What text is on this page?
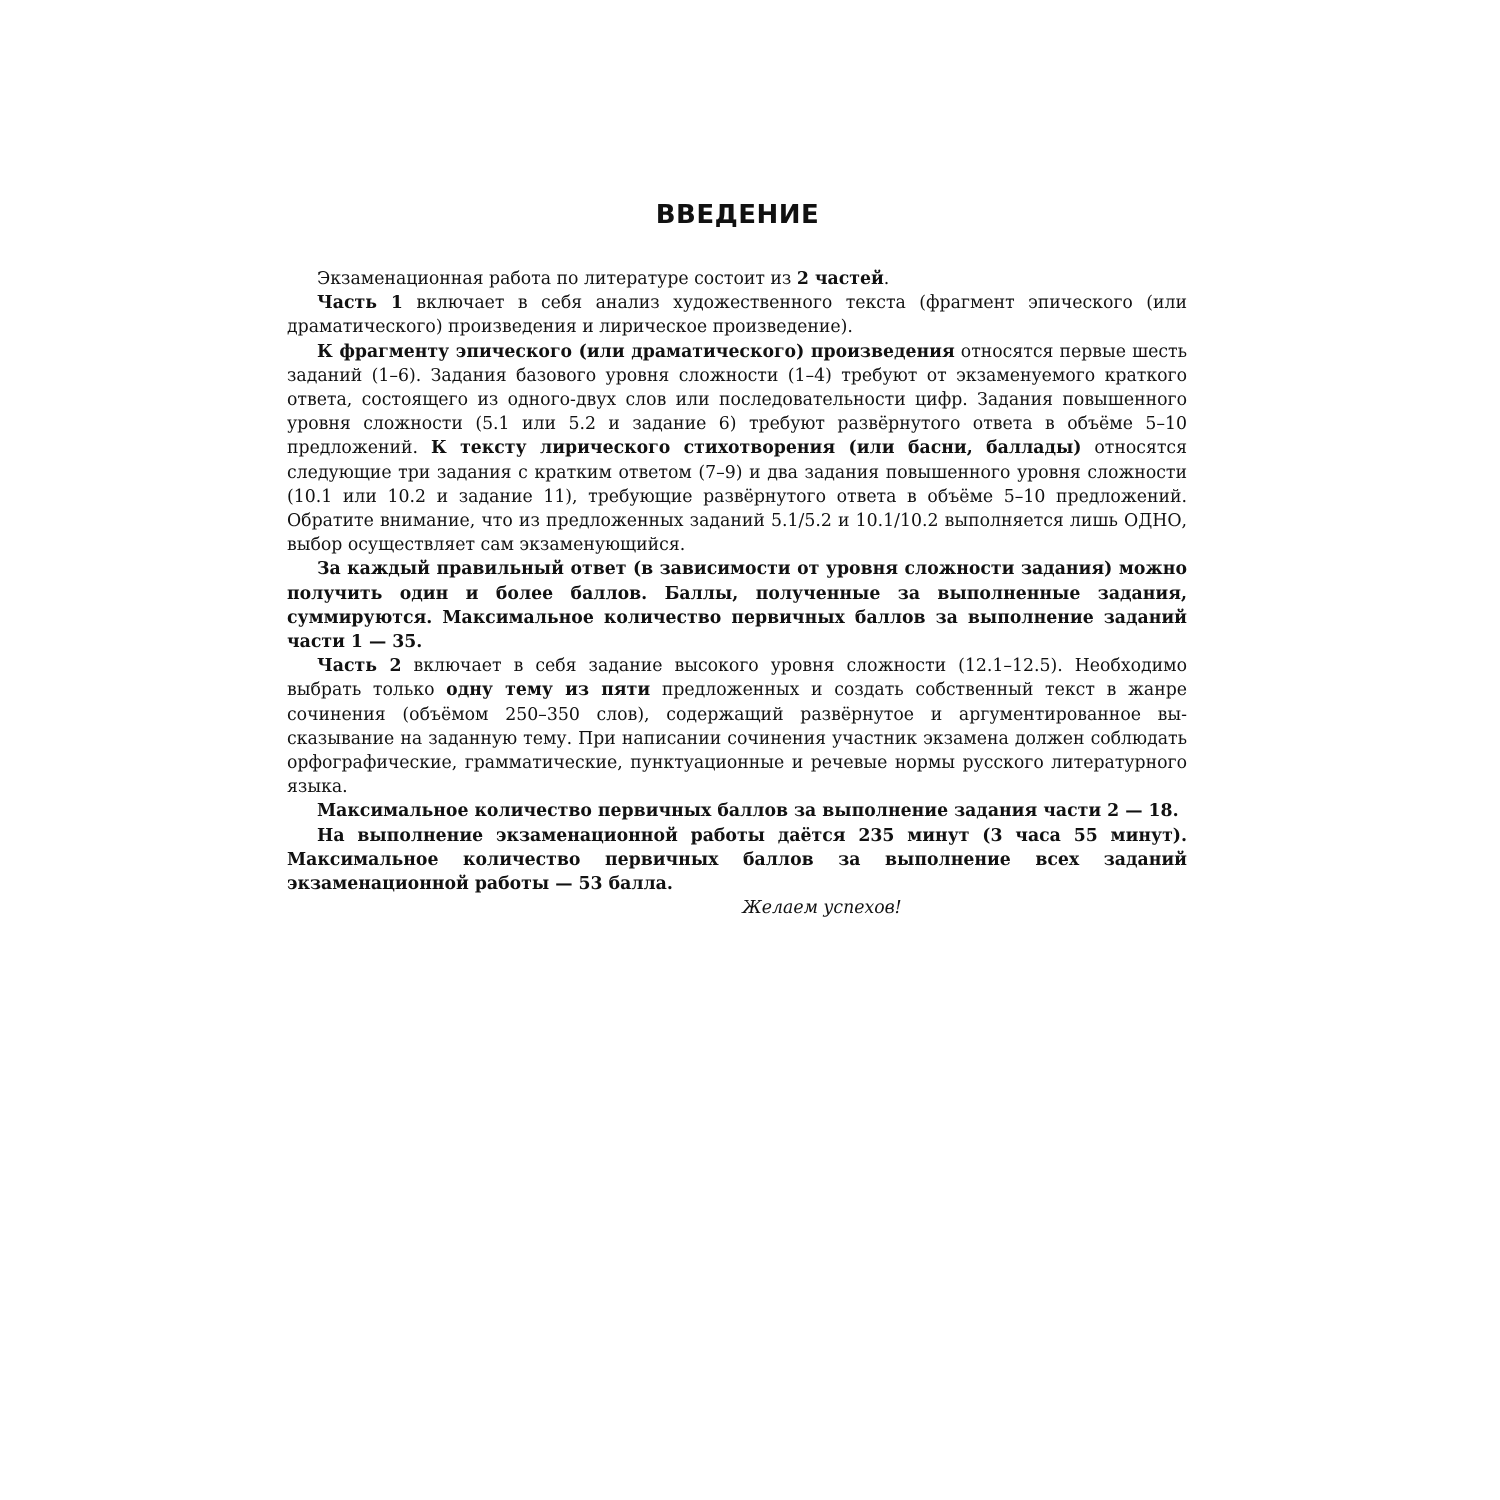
ВВЕДЕНИЕ

Экзаменационная работа по литературе состоит из 2 частей.

Часть 1 включает в себя анализ художественного текста (фрагмент эпического (или драматического) произведения и лирическое произведение).

К фрагменту эпического (или драматического) произведения относятся первые шесть заданий (1–6). Задания базового уровня сложности (1–4) требуют от экзаменуемого краткого ответа, состоящего из одного-двух слов или последовательности цифр. Задания повышенного уровня сложности (5.1 или 5.2 и задание 6) требуют развёрнутого ответа в объёме 5–10 предложений. К тексту лирического стихотворения (или басни, баллады) относятся следующие три задания с кратким ответом (7–9) и два задания повышенного уровня сложности (10.1 или 10.2 и задание 11), требующие развёрнутого ответа в объёме 5–10 предложений. Обратите внимание, что из предложенных заданий 5.1/5.2 и 10.1/10.2 выполняется лишь ОДНО, выбор осуществляет сам экзаменующийся.

За каждый правильный ответ (в зависимости от уровня сложности задания) можно получить один и более баллов. Баллы, полученные за выполненные задания, суммируются. Максимальное количество первичных баллов за выполнение заданий части 1 — 35.

Часть 2 включает в себя задание высокого уровня сложности (12.1–12.5). Необходимо выбрать только одну тему из пяти предложенных и создать собственный текст в жанре сочинения (объёмом 250–350 слов), содержащий развёрнутое и аргументированное высказывание на заданную тему. При написании сочинения участник экзамена должен соблюдать орфографические, грамматические, пунктуационные и речевые нормы русского литературного языка.

Максимальное количество первичных баллов за выполнение задания части 2 — 18.

На выполнение экзаменационной работы даётся 235 минут (3 часа 55 минут). Максимальное количество первичных баллов за выполнение всех заданий экзаменационной работы — 53 балла.

Желаем успехов!
